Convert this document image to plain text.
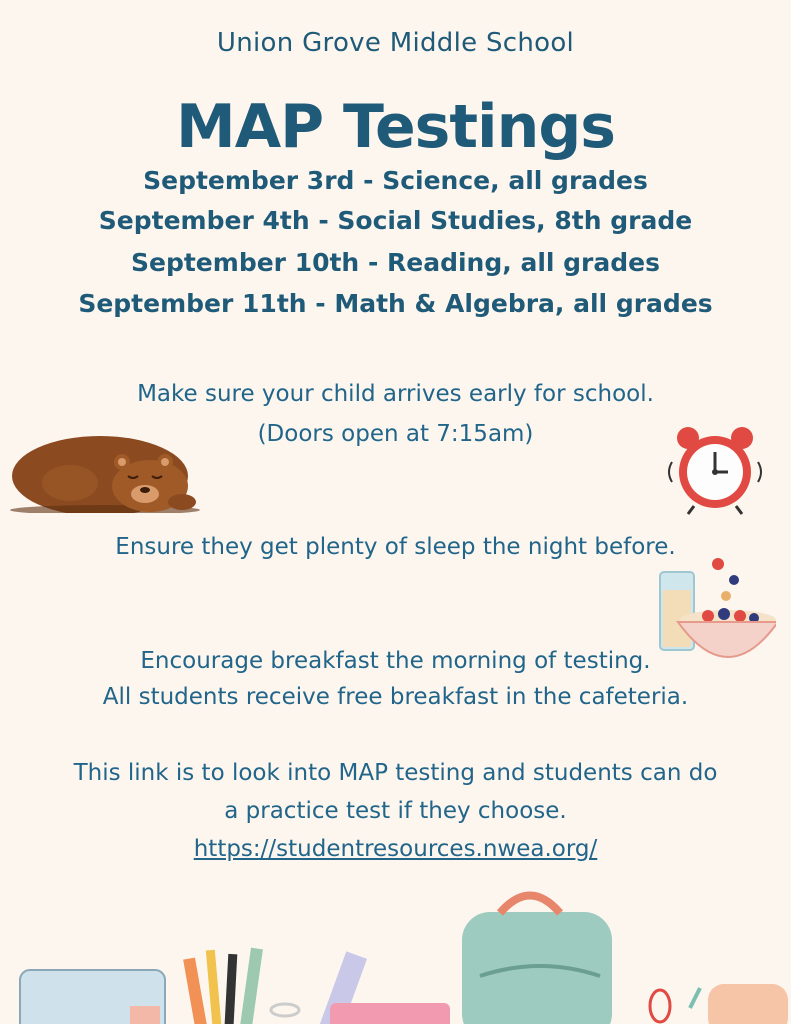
Union Grove Middle School
MAP Testings
September 3rd - Science, all grades
September 4th - Social Studies, 8th grade
September 10th - Reading, all grades
September 11th - Math & Algebra, all grades
Make sure your child arrives early for school.
(Doors open at 7:15am)
Ensure they get plenty of sleep the night before.
Encourage breakfast the morning of testing.
All students receive free breakfast in the cafeteria.
This link is to look into MAP testing and students can do
a practice test if they choose.
https://studentresources.nwea.org/
